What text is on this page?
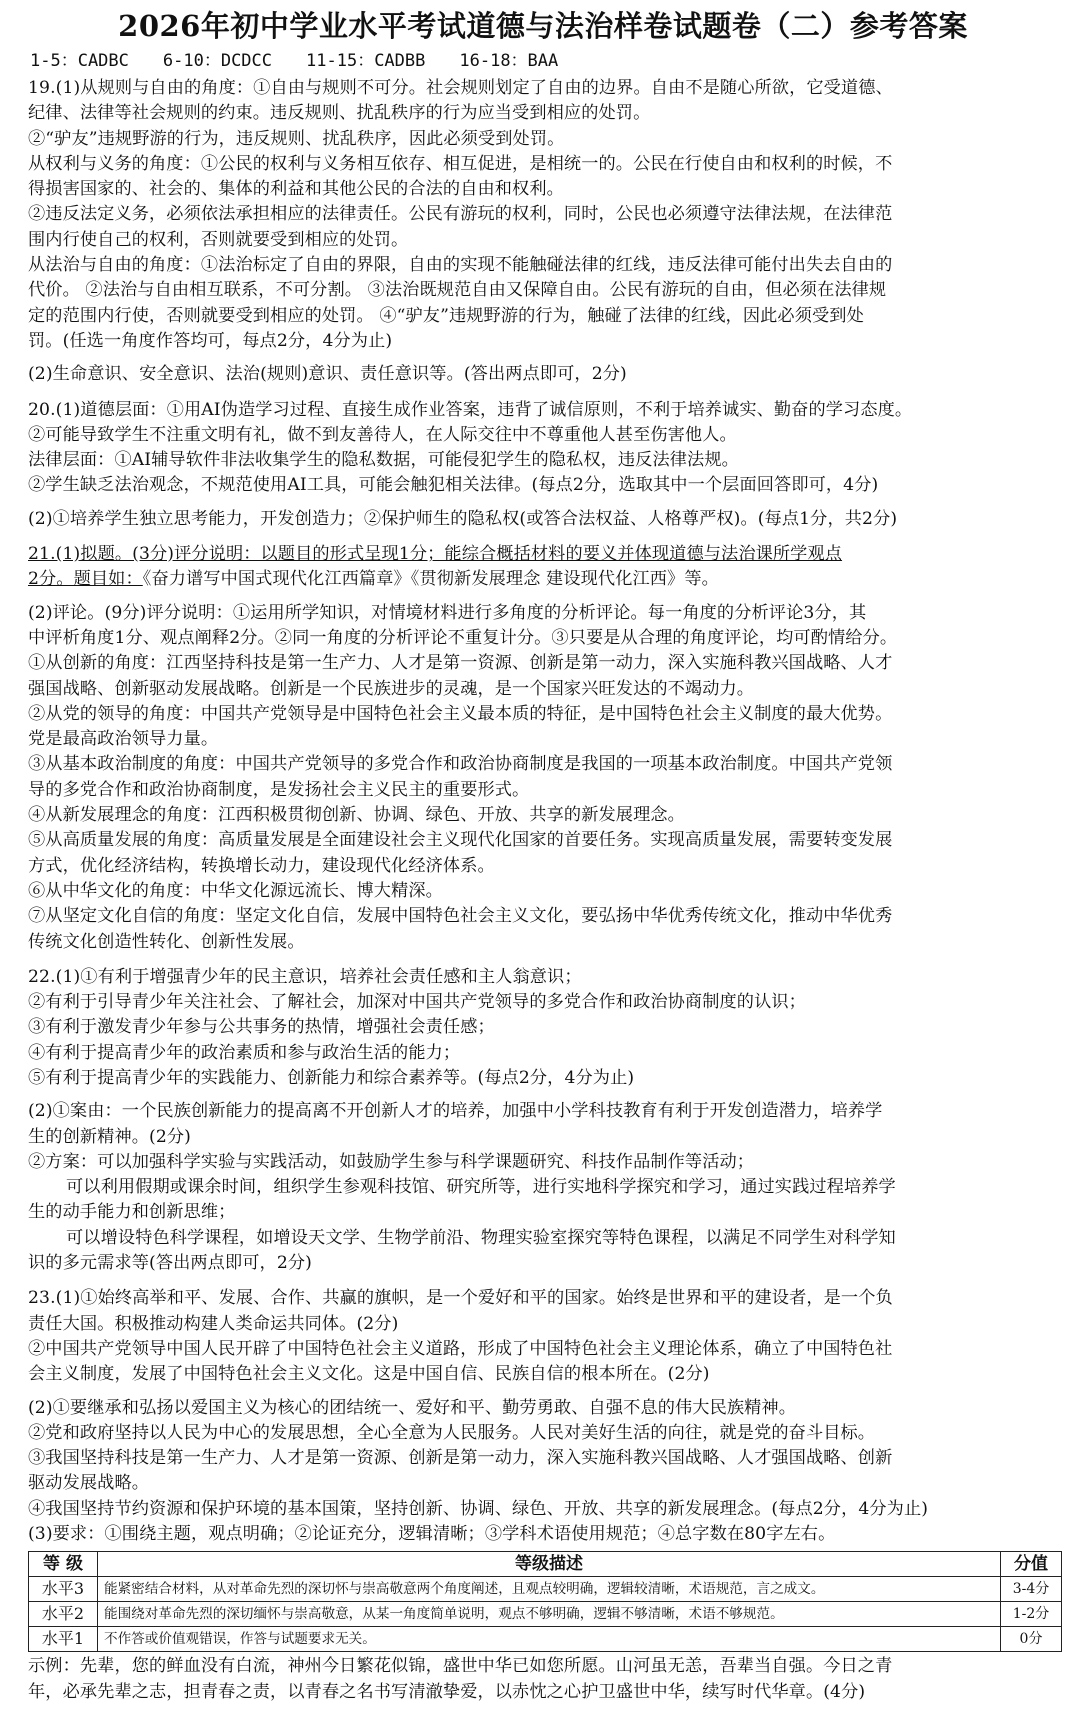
2026年初中学业水平考试道德与法治样卷试题卷（二）参考答案
1-5：CADBC 6-10：DCDCC 11-15：CADBB 16-18：BAA

19.(1)从规则与自由的角度：①自由与规则不可分。社会规则划定了自由的边界。自由不是随心所欲，它受道德、

纪律、法律等社会规则的约束。违反规则、扰乱秩序的行为应当受到相应的处罚。

②“驴友”违规野游的行为，违反规则、扰乱秩序，因此必须受到处罚。

从权利与义务的角度：①公民的权利与义务相互依存、相互促进，是相统一的。公民在行使自由和权利的时候，不

得损害国家的、社会的、集体的利益和其他公民的合法的自由和权利。

②违反法定义务，必须依法承担相应的法律责任。公民有游玩的权利，同时，公民也必须遵守法律法规，在法律范

围内行使自己的权利，否则就要受到相应的处罚。

从法治与自由的角度：①法治标定了自由的界限，自由的实现不能触碰法律的红线，违反法律可能付出失去自由的

代价。 ②法治与自由相互联系，不可分割。 ③法治既规范自由又保障自由。公民有游玩的自由，但必须在法律规

定的范围内行使，否则就要受到相应的处罚。 ④“驴友”违规野游的行为，触碰了法律的红线，因此必须受到处

罚。(任选一角度作答均可，每点2分，4分为止)

(2)生命意识、安全意识、法治(规则)意识、责任意识等。(答出两点即可，2分)

20.(1)道德层面：①用AI伪造学习过程、直接生成作业答案，违背了诚信原则，不利于培养诚实、勤奋的学习态度。

②可能导致学生不注重文明有礼，做不到友善待人，在人际交往中不尊重他人甚至伤害他人。

法律层面：①AI辅导软件非法收集学生的隐私数据，可能侵犯学生的隐私权，违反法律法规。

②学生缺乏法治观念，不规范使用AI工具，可能会触犯相关法律。(每点2分，选取其中一个层面回答即可，4分)

(2)①培养学生独立思考能力，开发创造力；②保护师生的隐私权(或答合法权益、人格尊严权)。(每点1分，共2分)

21.(1)拟题。(3分)评分说明：以题目的形式呈现1分；能综合概括材料的要义并体现道德与法治课所学观点

2分。题目如：《奋力谱写中国式现代化江西篇章》《贯彻新发展理念 建设现代化江西》等。

(2)评论。(9分)评分说明：①运用所学知识，对情境材料进行多角度的分析评论。每一角度的分析评论3分，其

中评析角度1分、观点阐释2分。②同一角度的分析评论不重复计分。③只要是从合理的角度评论，均可酌情给分。

①从创新的角度：江西坚持科技是第一生产力、人才是第一资源、创新是第一动力，深入实施科教兴国战略、人才

强国战略、创新驱动发展战略。创新是一个民族进步的灵魂，是一个国家兴旺发达的不竭动力。

②从党的领导的角度：中国共产党领导是中国特色社会主义最本质的特征，是中国特色社会主义制度的最大优势。

党是最高政治领导力量。

③从基本政治制度的角度：中国共产党领导的多党合作和政治协商制度是我国的一项基本政治制度。中国共产党领

导的多党合作和政治协商制度，是发扬社会主义民主的重要形式。

④从新发展理念的角度：江西积极贯彻创新、协调、绿色、开放、共享的新发展理念。

⑤从高质量发展的角度：高质量发展是全面建设社会主义现代化国家的首要任务。实现高质量发展，需要转变发展

方式，优化经济结构，转换增长动力，建设现代化经济体系。

⑥从中华文化的角度：中华文化源远流长、博大精深。

⑦从坚定文化自信的角度：坚定文化自信，发展中国特色社会主义文化，要弘扬中华优秀传统文化，推动中华优秀

传统文化创造性转化、创新性发展。

22.(1)①有利于增强青少年的民主意识，培养社会责任感和主人翁意识；

②有利于引导青少年关注社会、了解社会，加深对中国共产党领导的多党合作和政治协商制度的认识；

③有利于激发青少年参与公共事务的热情，增强社会责任感；

④有利于提高青少年的政治素质和参与政治生活的能力；

⑤有利于提高青少年的实践能力、创新能力和综合素养等。(每点2分，4分为止)

(2)①案由：一个民族创新能力的提高离不开创新人才的培养，加强中小学科技教育有利于开发创造潜力，培养学

生的创新精神。(2分)

②方案：可以加强科学实验与实践活动，如鼓励学生参与科学课题研究、科技作品制作等活动；

可以利用假期或课余时间，组织学生参观科技馆、研究所等，进行实地科学探究和学习，通过实践过程培养学

生的动手能力和创新思维；

可以增设特色科学课程，如增设天文学、生物学前沿、物理实验室探究等特色课程，以满足不同学生对科学知

识的多元需求等(答出两点即可，2分)

23.(1)①始终高举和平、发展、合作、共赢的旗帜，是一个爱好和平的国家。始终是世界和平的建设者，是一个负

责任大国。积极推动构建人类命运共同体。(2分)

②中国共产党领导中国人民开辟了中国特色社会主义道路，形成了中国特色社会主义理论体系，确立了中国特色社

会主义制度，发展了中国特色社会主义文化。这是中国自信、民族自信的根本所在。(2分)

(2)①要继承和弘扬以爱国主义为核心的团结统一、爱好和平、勤劳勇敢、自强不息的伟大民族精神。

②党和政府坚持以人民为中心的发展思想，全心全意为人民服务。人民对美好生活的向往，就是党的奋斗目标。

③我国坚持科技是第一生产力、人才是第一资源、创新是第一动力，深入实施科教兴国战略、人才强国战略、创新

驱动发展战略。

④我国坚持节约资源和保护环境的基本国策，坚持创新、协调、绿色、开放、共享的新发展理念。(每点2分，4分为止)

(3)要求：①围绕主题，观点明确；②论证充分，逻辑清晰；③学科术语使用规范；④总字数在80字左右。

等 级	等级描述	分值
水平3	能紧密结合材料，从对革命先烈的深切怀与崇高敬意两个角度阐述，且观点较明确，逻辑较清晰，术语规范，言之成文。	3-4分
水平2	能围绕对革命先烈的深切缅怀与崇高敬意，从某一角度简单说明，观点不够明确，逻辑不够清晰，术语不够规范。	1-2分
水平1	不作答或价值观错误，作答与试题要求无关。	0分

示例：先辈，您的鲜血没有白流，神州今日繁花似锦，盛世中华已如您所愿。山河虽无恙，吾辈当自强。今日之青

年，必承先辈之志，担青春之责，以青春之名书写清澈挚爱，以赤忱之心护卫盛世中华，续写时代华章。(4分)
